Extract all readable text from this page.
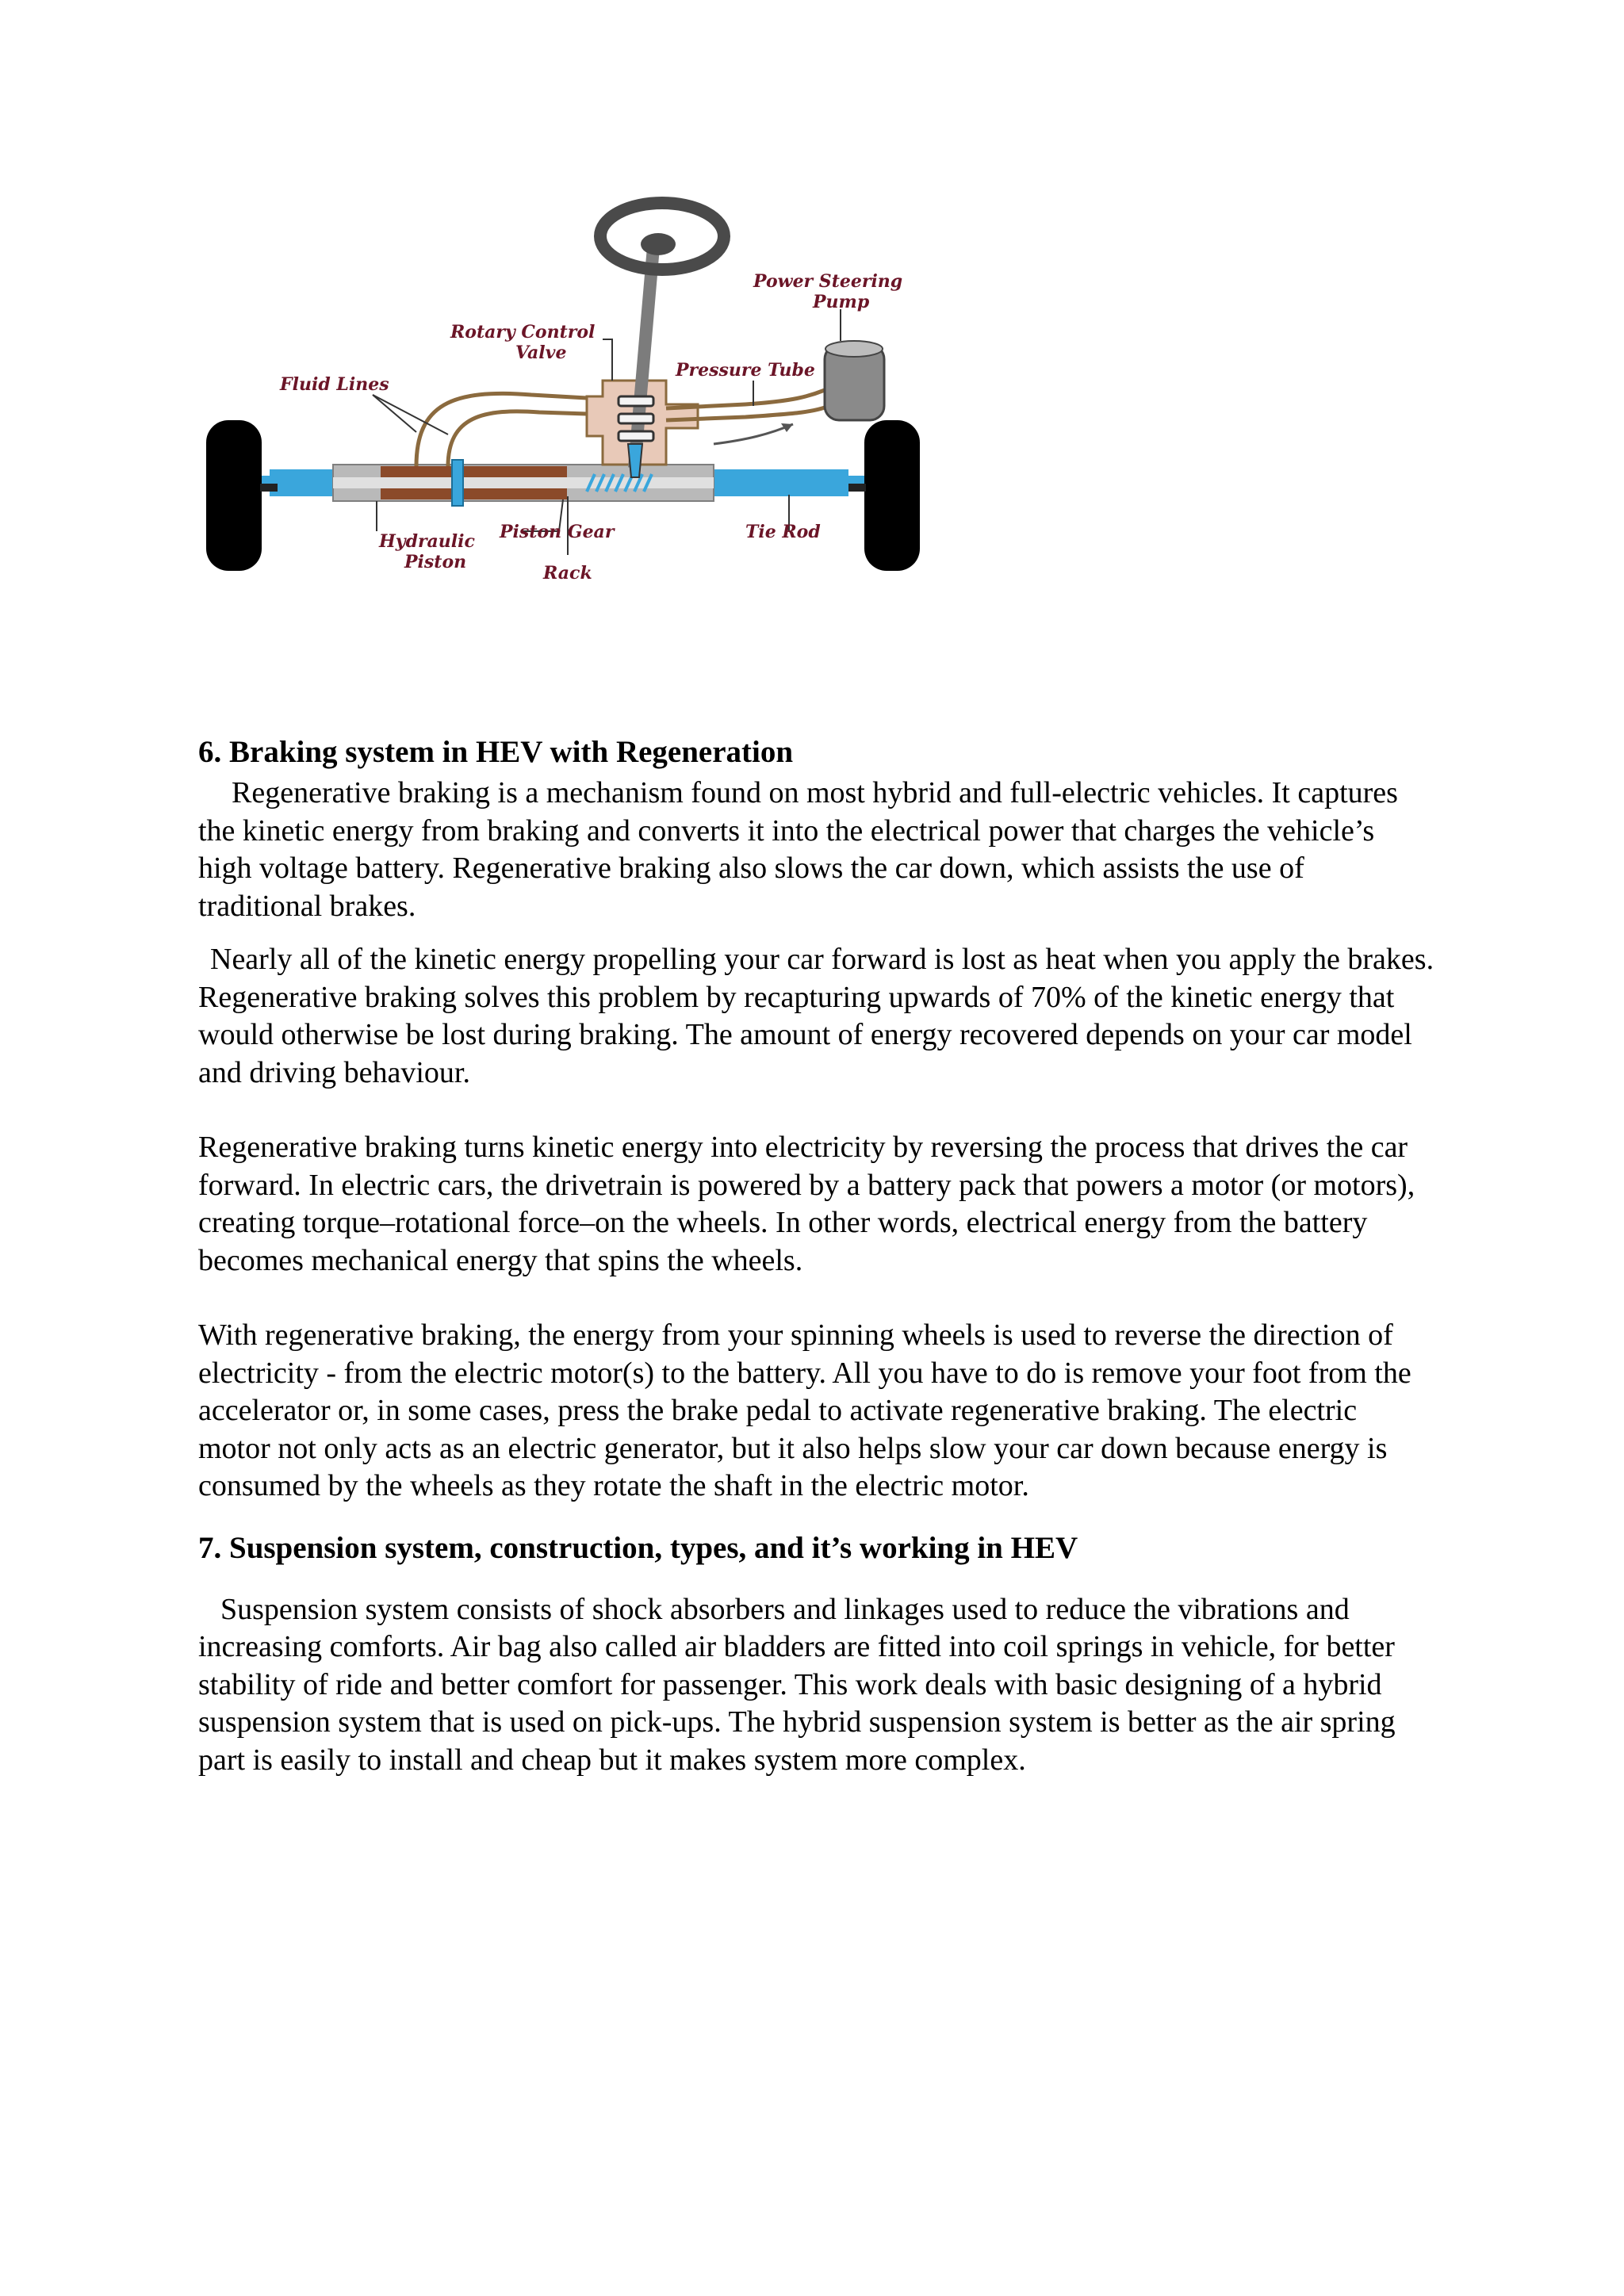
Power Steering
Pump
Rotary Control
Valve
Pressure Tube
Fluid Lines
Hydraulic
Piston
Piston Gear	Tie Rod
Rack
6. Braking system in HEV with Regeneration

Regenerative braking is a mechanism found on most hybrid and full-electric vehicles. It captures the kinetic energy from braking and converts it into the electrical power that charges the vehicle’s high voltage battery. Regenerative braking also slows the car down, which assists the use of traditional brakes.

Nearly all of the kinetic energy propelling your car forward is lost as heat when you apply the brakes. Regenerative braking solves this problem by recapturing upwards of 70% of the kinetic energy that would otherwise be lost during braking. The amount of energy recovered depends on your car model and driving behaviour.

Regenerative braking turns kinetic energy into electricity by reversing the process that drives the car forward. In electric cars, the drivetrain is powered by a battery pack that powers a motor (or motors), creating torque–rotational force–on the wheels. In other words, electrical energy from the battery becomes mechanical energy that spins the wheels.

With regenerative braking, the energy from your spinning wheels is used to reverse the direction of electricity - from the electric motor(s) to the battery. All you have to do is remove your foot from the accelerator or, in some cases, press the brake pedal to activate regenerative braking. The electric motor not only acts as an electric generator, but it also helps slow your car down because energy is consumed by the wheels as they rotate the shaft in the electric motor.

7. Suspension system, construction, types, and it’s working in HEV

Suspension system consists of shock absorbers and linkages used to reduce the vibrations and increasing comforts. Air bag also called air bladders are fitted into coil springs in vehicle, for better stability of ride and better comfort for passenger. This work deals with basic designing of a hybrid suspension system that is used on pick-ups. The hybrid suspension system is better as the air spring part is easily to install and cheap but it makes system more complex.
